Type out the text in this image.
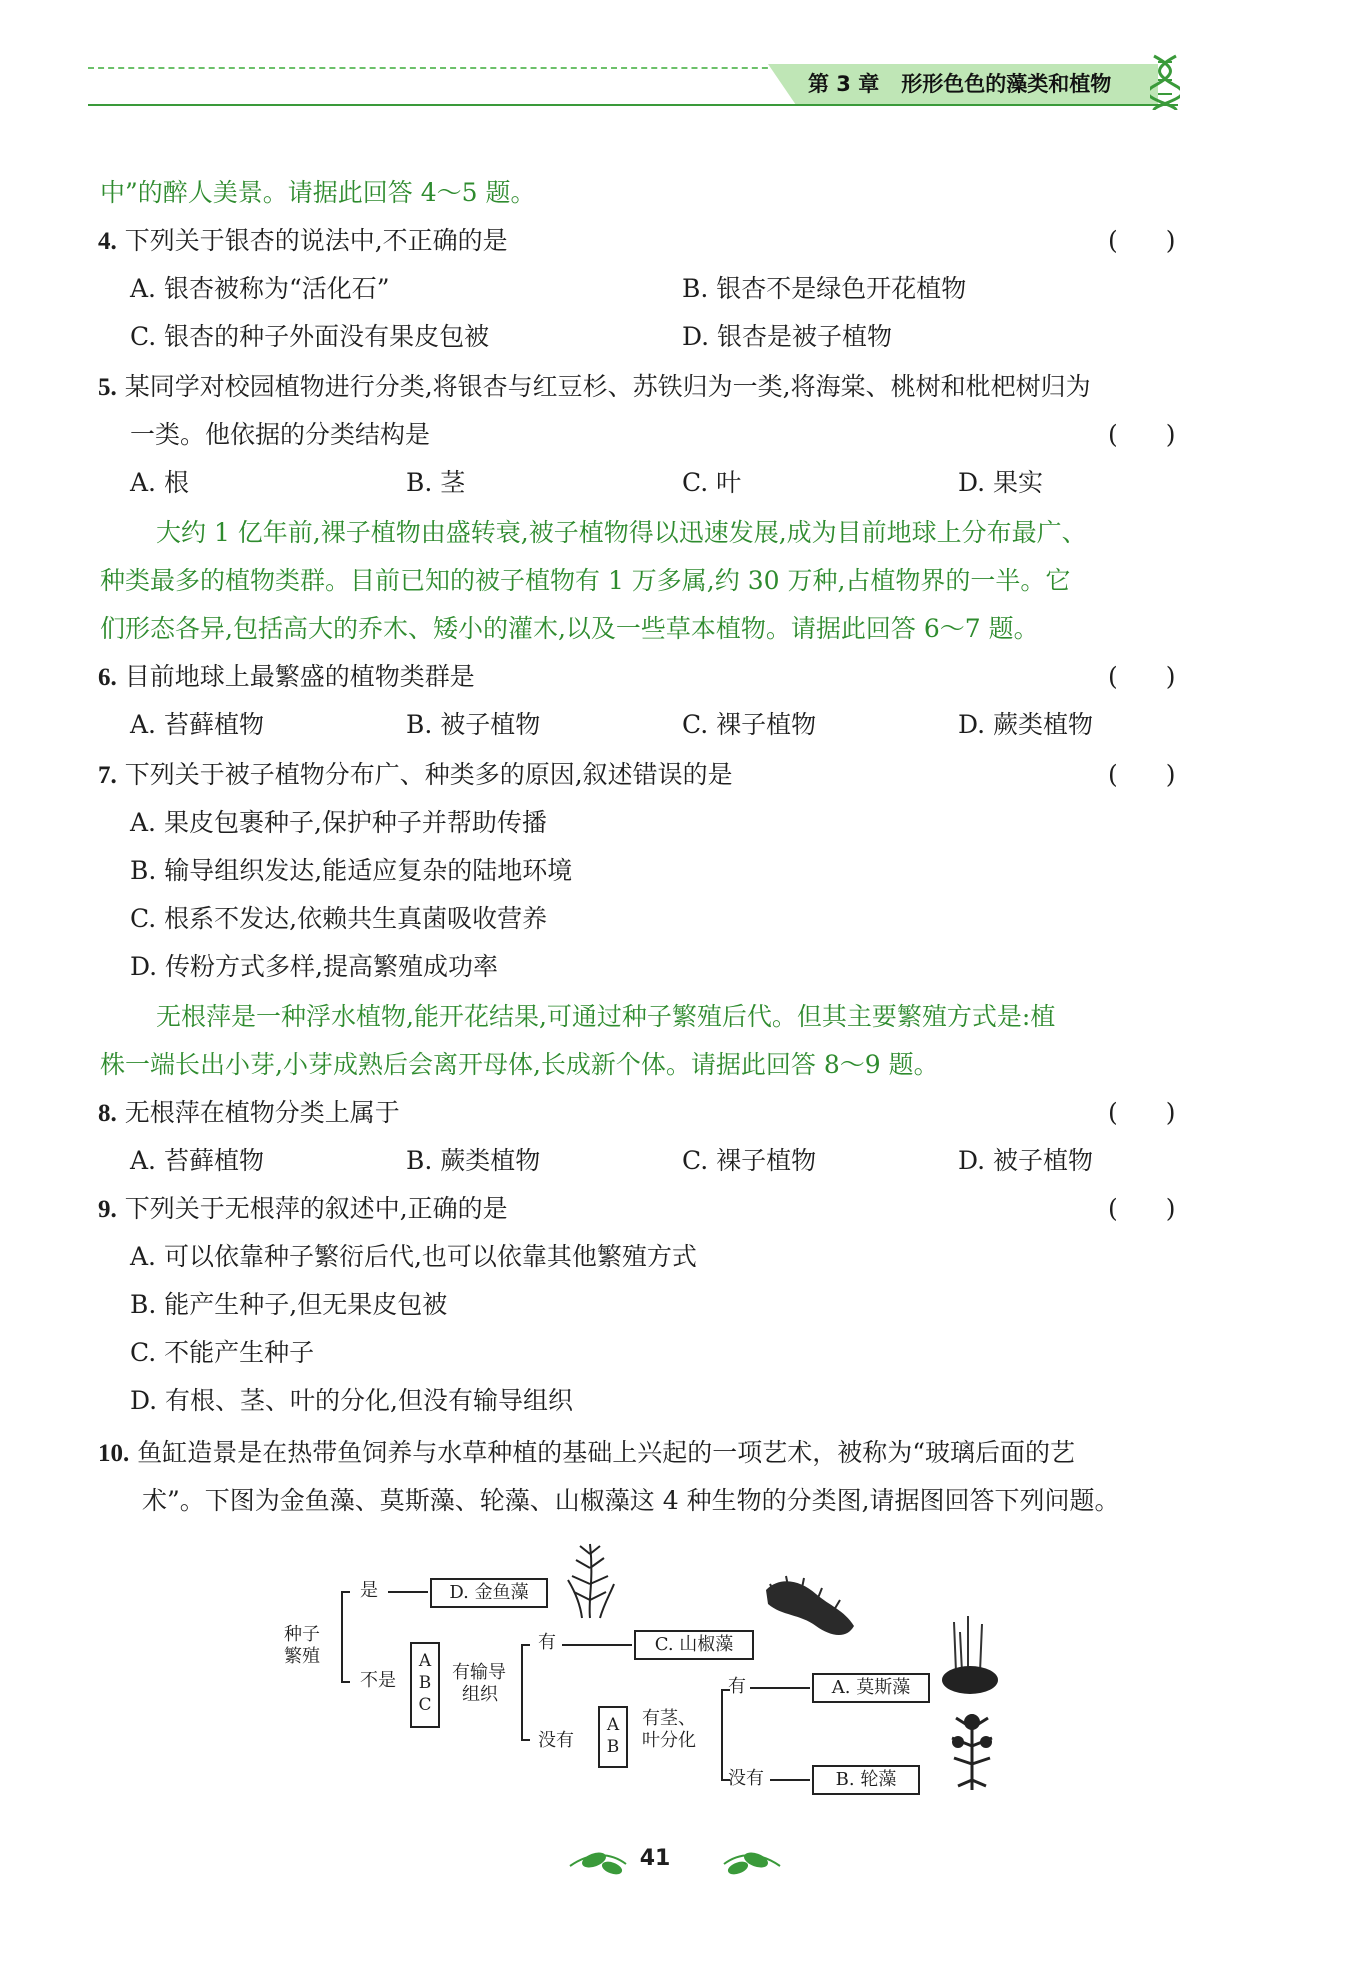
第 3 章 形形色色的藻类和植物
中”的醉人美景。请据此回答 4～5 题。
4. 下列关于银杏的说法中,不正确的是	( )
A. 银杏被称为“活化石”	B. 银杏不是绿色开花植物
C. 银杏的种子外面没有果皮包被	D. 银杏是被子植物
5. 某同学对校园植物进行分类,将银杏与红豆杉、苏铁归为一类,将海棠、桃树和枇杷树归为
一类。他依据的分类结构是	( )
A. 根	B. 茎	C. 叶	D. 果实
大约 1 亿年前,裸子植物由盛转衰,被子植物得以迅速发展,成为目前地球上分布最广、
种类最多的植物类群。目前已知的被子植物有 1 万多属,约 30 万种,占植物界的一半。它
们形态各异,包括高大的乔木、矮小的灌木,以及一些草本植物。请据此回答 6～7 题。
6. 目前地球上最繁盛的植物类群是	( )
A. 苔藓植物	B. 被子植物	C. 裸子植物	D. 蕨类植物
7. 下列关于被子植物分布广、种类多的原因,叙述错误的是	( )
A. 果皮包裹种子,保护种子并帮助传播
B. 输导组织发达,能适应复杂的陆地环境
C. 根系不发达,依赖共生真菌吸收营养
D. 传粉方式多样,提高繁殖成功率
无根萍是一种浮水植物,能开花结果,可通过种子繁殖后代。但其主要繁殖方式是:植
株一端长出小芽,小芽成熟后会离开母体,长成新个体。请据此回答 8～9 题。
8. 无根萍在植物分类上属于	( )
A. 苔藓植物	B. 蕨类植物	C. 裸子植物	D. 被子植物
9. 下列关于无根萍的叙述中,正确的是	( )
A. 可以依靠种子繁衍后代,也可以依靠其他繁殖方式
B. 能产生种子,但无果皮包被
C. 不能产生种子
D. 有根、茎、叶的分化,但没有输导组织
10. 鱼缸造景是在热带鱼饲养与水草种植的基础上兴起的一项艺术，被称为“玻璃后面的艺
术”。下图为金鱼藻、莫斯藻、轮藻、山椒藻这 4 种生物的分类图,请据图回答下列问题。
种子
繁殖
是
不是
D. 金鱼藻
A
B
C
有输导
组织
有
没有
C. 山椒藻
A
B
有茎、
叶分化
有
没有
A. 莫斯藻
B. 轮藻
41
